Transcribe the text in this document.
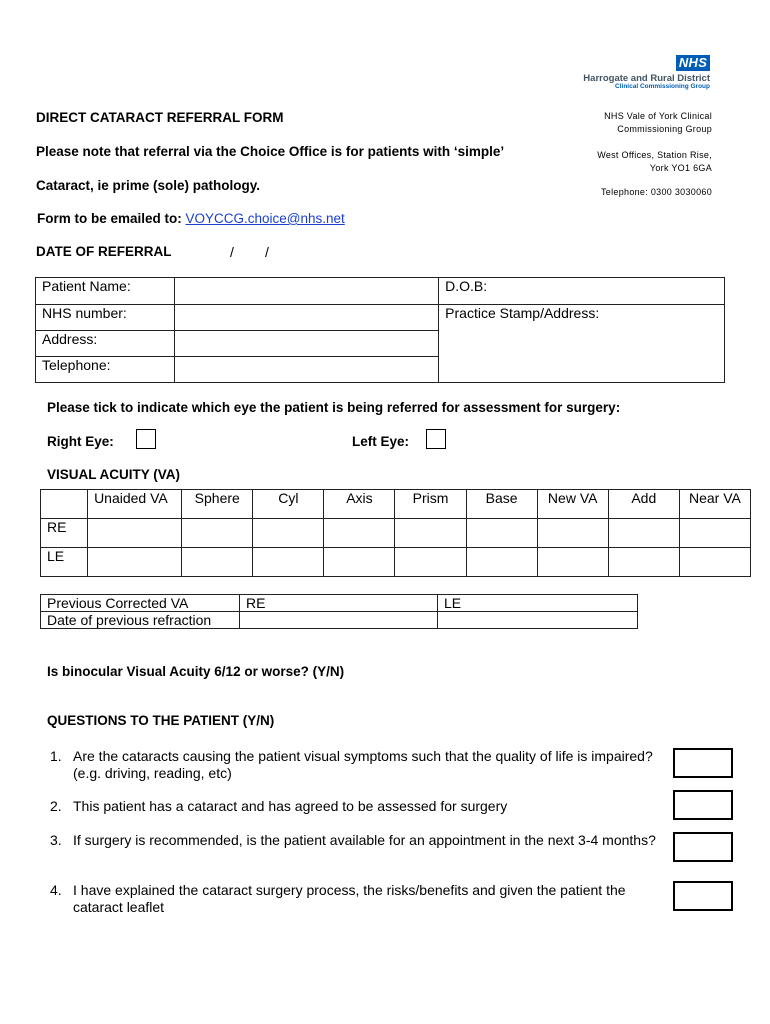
NHS
Harrogate and Rural District
Clinical Commissioning Group
NHS Vale of York Clinical
Commissioning Group
West Offices, Station Rise,
York YO1 6GA
Telephone: 0300 3030060
DIRECT CATARACT REFERRAL FORM
Please note that referral via the Choice Office is for patients with ‘simple’
Cataract, ie prime (sole) pathology.
Form to be emailed to: VOYCCG.choice@nhs.net
DATE OF REFERRAL	/        /
Patient Name:		D.O.B:
NHS number:		Practice Stamp/Address:
Address:		
Telephone:		
Please tick to indicate which eye the patient is being referred for assessment for surgery:
Right Eye:	Left Eye:
VISUAL ACUITY (VA)
	Unaided VA	Sphere	Cyl	Axis	Prism	Base	New VA	Add	Near VA
RE									
LE									
Previous Corrected VA	RE	LE
Date of previous refraction		
Is binocular Visual Acuity 6/12 or worse? (Y/N)
QUESTIONS TO THE PATIENT (Y/N)
1. Are the cataracts causing the patient visual symptoms such that the quality of life is impaired? (e.g. driving, reading, etc)
2. This patient has a cataract and has agreed to be assessed for surgery
3. If surgery is recommended, is the patient available for an appointment in the next 3-4 months?
4. I have explained the cataract surgery process, the risks/benefits and given the patient the cataract leaflet
